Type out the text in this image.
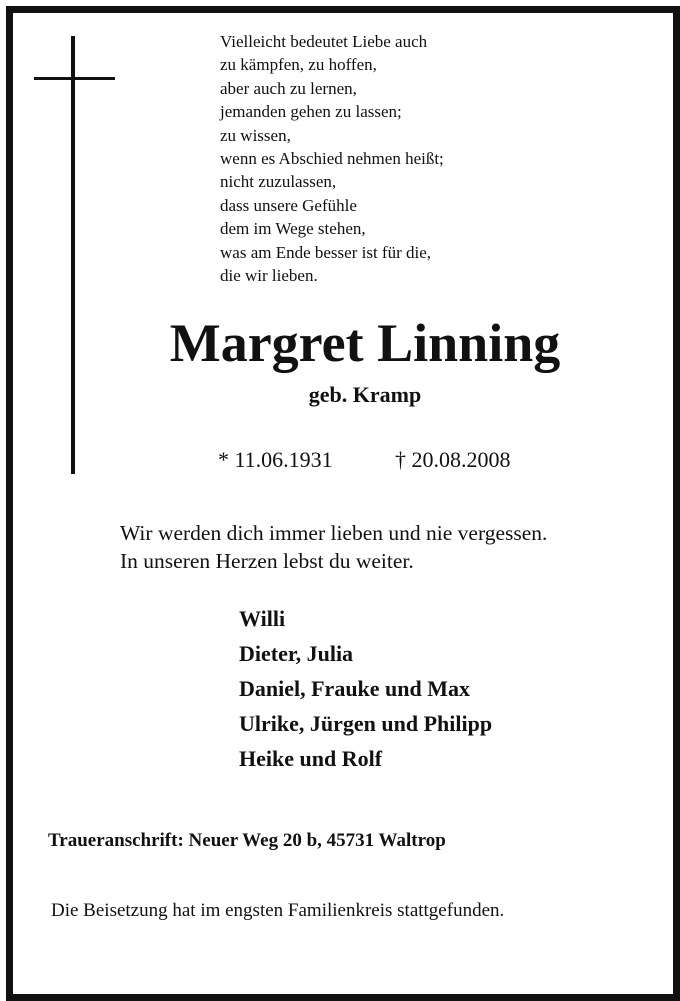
Vielleicht bedeutet Liebe auch
zu kämpfen, zu hoffen,
aber auch zu lernen,
jemanden gehen zu lassen;
zu wissen,
wenn es Abschied nehmen heißt;
nicht zuzulassen,
dass unsere Gefühle
dem im Wege stehen,
was am Ende besser ist für die,
die wir lieben.
Margret Linning
geb. Kramp
* 11.06.1931	† 20.08.2008
Wir werden dich immer lieben und nie vergessen.
In unseren Herzen lebst du weiter.
Willi
Dieter, Julia
Daniel, Frauke und Max
Ulrike, Jürgen und Philipp
Heike und Rolf
Traueranschrift: Neuer Weg 20 b, 45731 Waltrop
Die Beisetzung hat im engsten Familienkreis stattgefunden.
